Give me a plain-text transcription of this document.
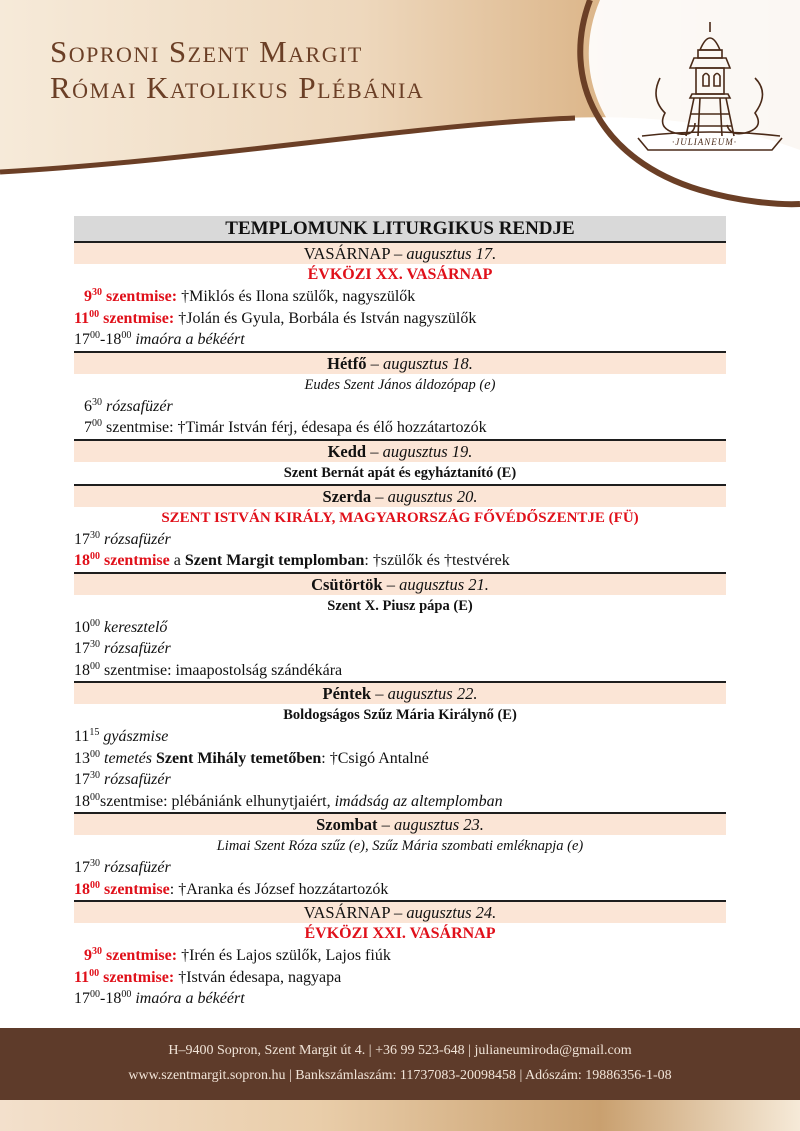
Soproni Szent Margit
Római Katolikus Plébánia
·JULIANEUM·
TEMPLOMUNK LITURGIKUS RENDJE
VASÁRNAP – augusztus 17.
ÉVKÖZI XX. VASÁRNAP
$9^{30}$ szentmise: †Miklós és Ilona szülők, nagyszülők
$11^{00}$ szentmise: †Jolán és Gyula, Borbála és István nagyszülők
$17^{00}-18^{00}$ imaóra a békéért
Hétfő – augusztus 18.
Eudes Szent János áldozópap (e)
$6^{30}$ rózsafüzér
$7^{00}$ szentmise: †Timár István férj, édesapa és élő hozzátartozók
Kedd – augusztus 19.
Szent Bernát apát és egyháztanító (E)
Szerda – augusztus 20.
SZENT ISTVÁN KIRÁLY, MAGYARORSZÁG FŐVÉDŐSZENTJE (FÜ)
$17^{30}$ rózsafüzér
$18^{00}$ szentmise a Szent Margit templomban: †szülők és †testvérek
Csütörtök – augusztus 21.
Szent X. Piusz pápa (E)
$10^{00}$ keresztelő
$17^{30}$ rózsafüzér
$18^{00}$ szentmise: imaapostolság szándékára
Péntek – augusztus 22.
Boldogságos Szűz Mária Királynő (E)
$11^{15}$ gyászmise
$13^{00}$ temetés Szent Mihály temetőben: †Csigó Antalné
$17^{30}$ rózsafüzér
$18^{00}szentmise$: plébániánk elhunytjaiért, imádság az altemplomban
Szombat – augusztus 23.
Limai Szent Róza szűz (e), Szűz Mária szombati emléknapja (e)
$17^{30}$ rózsafüzér
$18^{00}$ szentmise: †Aranka és József hozzátartozók
VASÁRNAP – augusztus 24.
ÉVKÖZI XXI. VASÁRNAP
$9^{30}$ szentmise: †Irén és Lajos szülők, Lajos fiúk
$11^{00}$ szentmise: †István édesapa, nagyapa
$17^{00}-18^{00}$ imaóra a békéért
H–9400 Sopron, Szent Margit út 4. | +36 99 523-648 | julianeumiroda@gmail.com
www.szentmargit.sopron.hu | Bankszámlaszám: 11737083-20098458 | Adószám: 19886356-1-08
